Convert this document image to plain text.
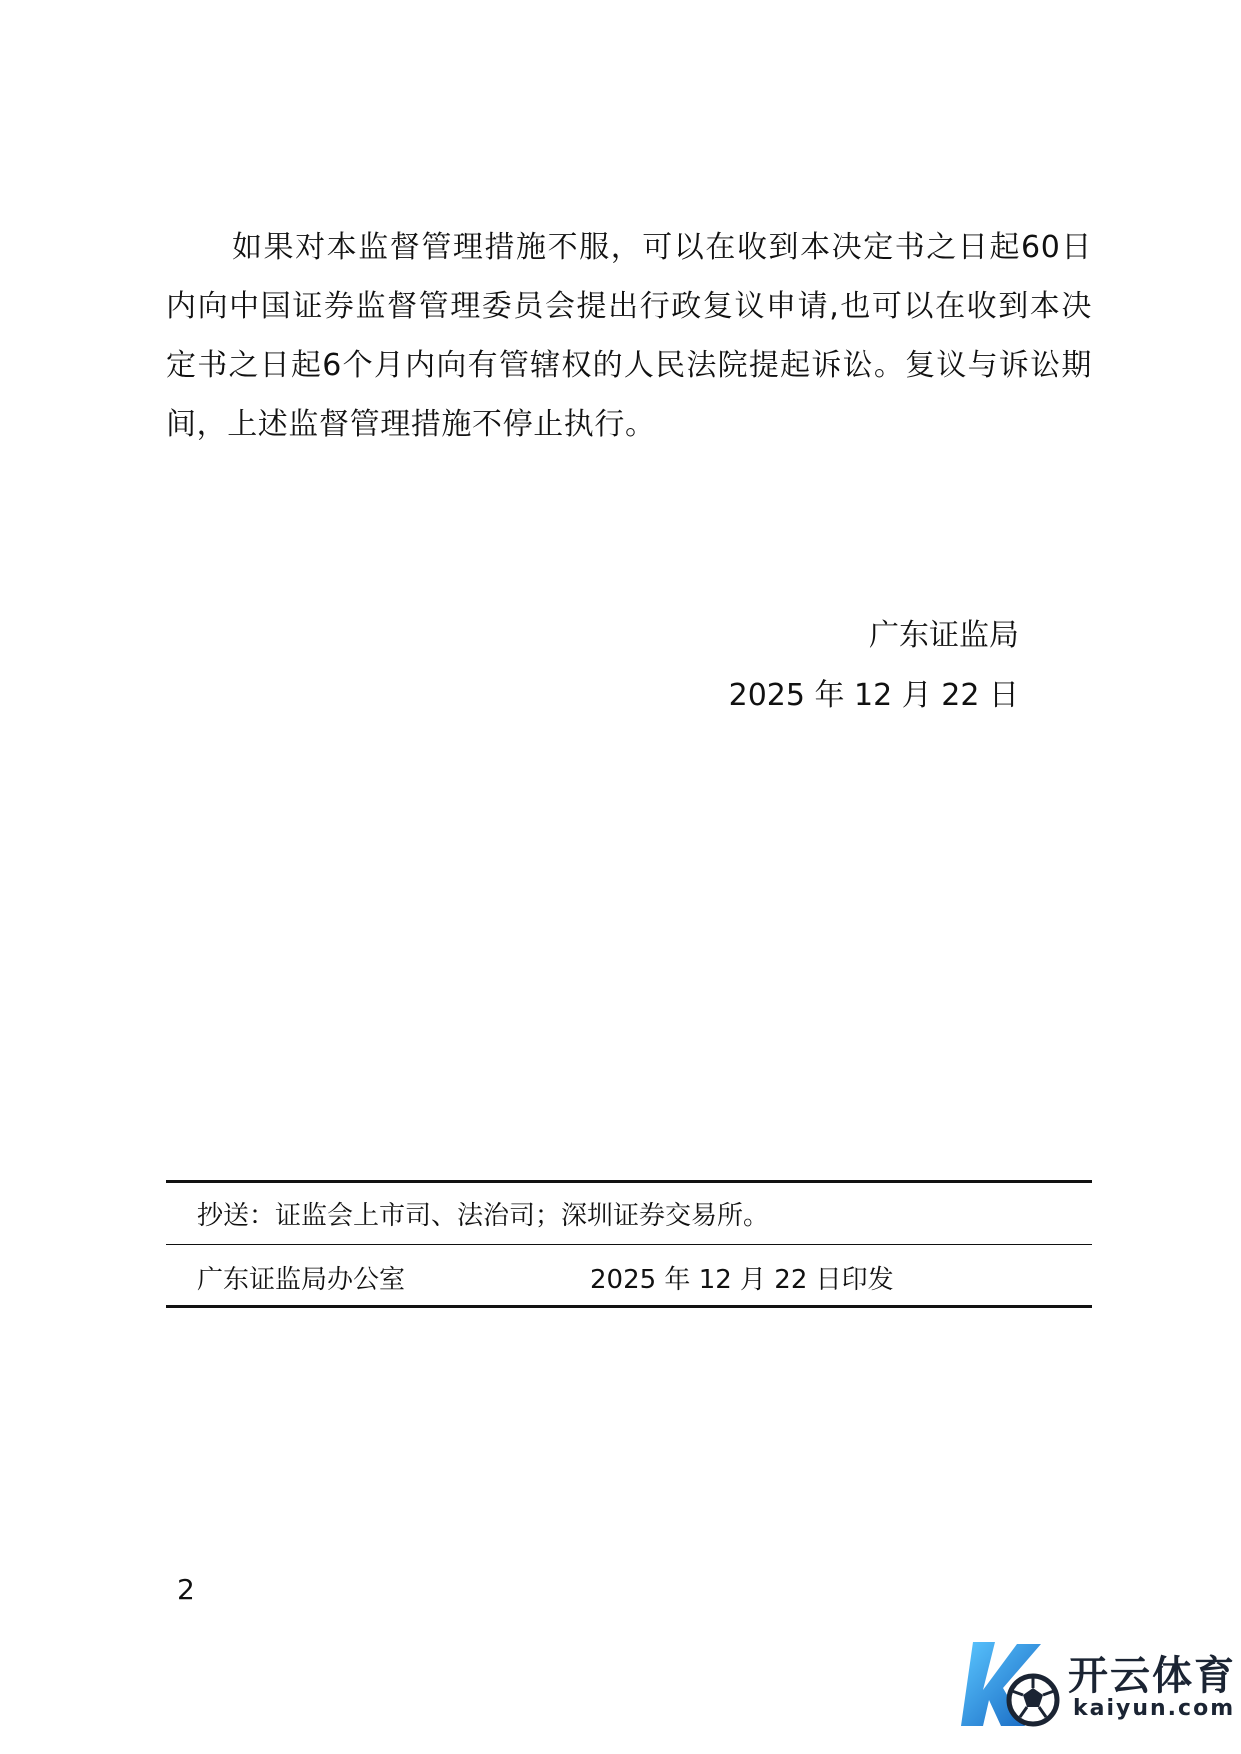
如果对本监督管理措施不服，可以在收到本决定书之日起60日内向中国证券监督管理委员会提出行政复议申请,也可以在收到本决定书之日起6个月内向有管辖权的人民法院提起诉讼。复议与诉讼期间，上述监督管理措施不停止执行。

广东证监局
2025 年 12 月 22 日
抄送：证监会上市司、法治司；深圳证券交易所。
广东证监局办公室	2025 年 12 月 22 日印发
2
开云体育
kaiyun.com
